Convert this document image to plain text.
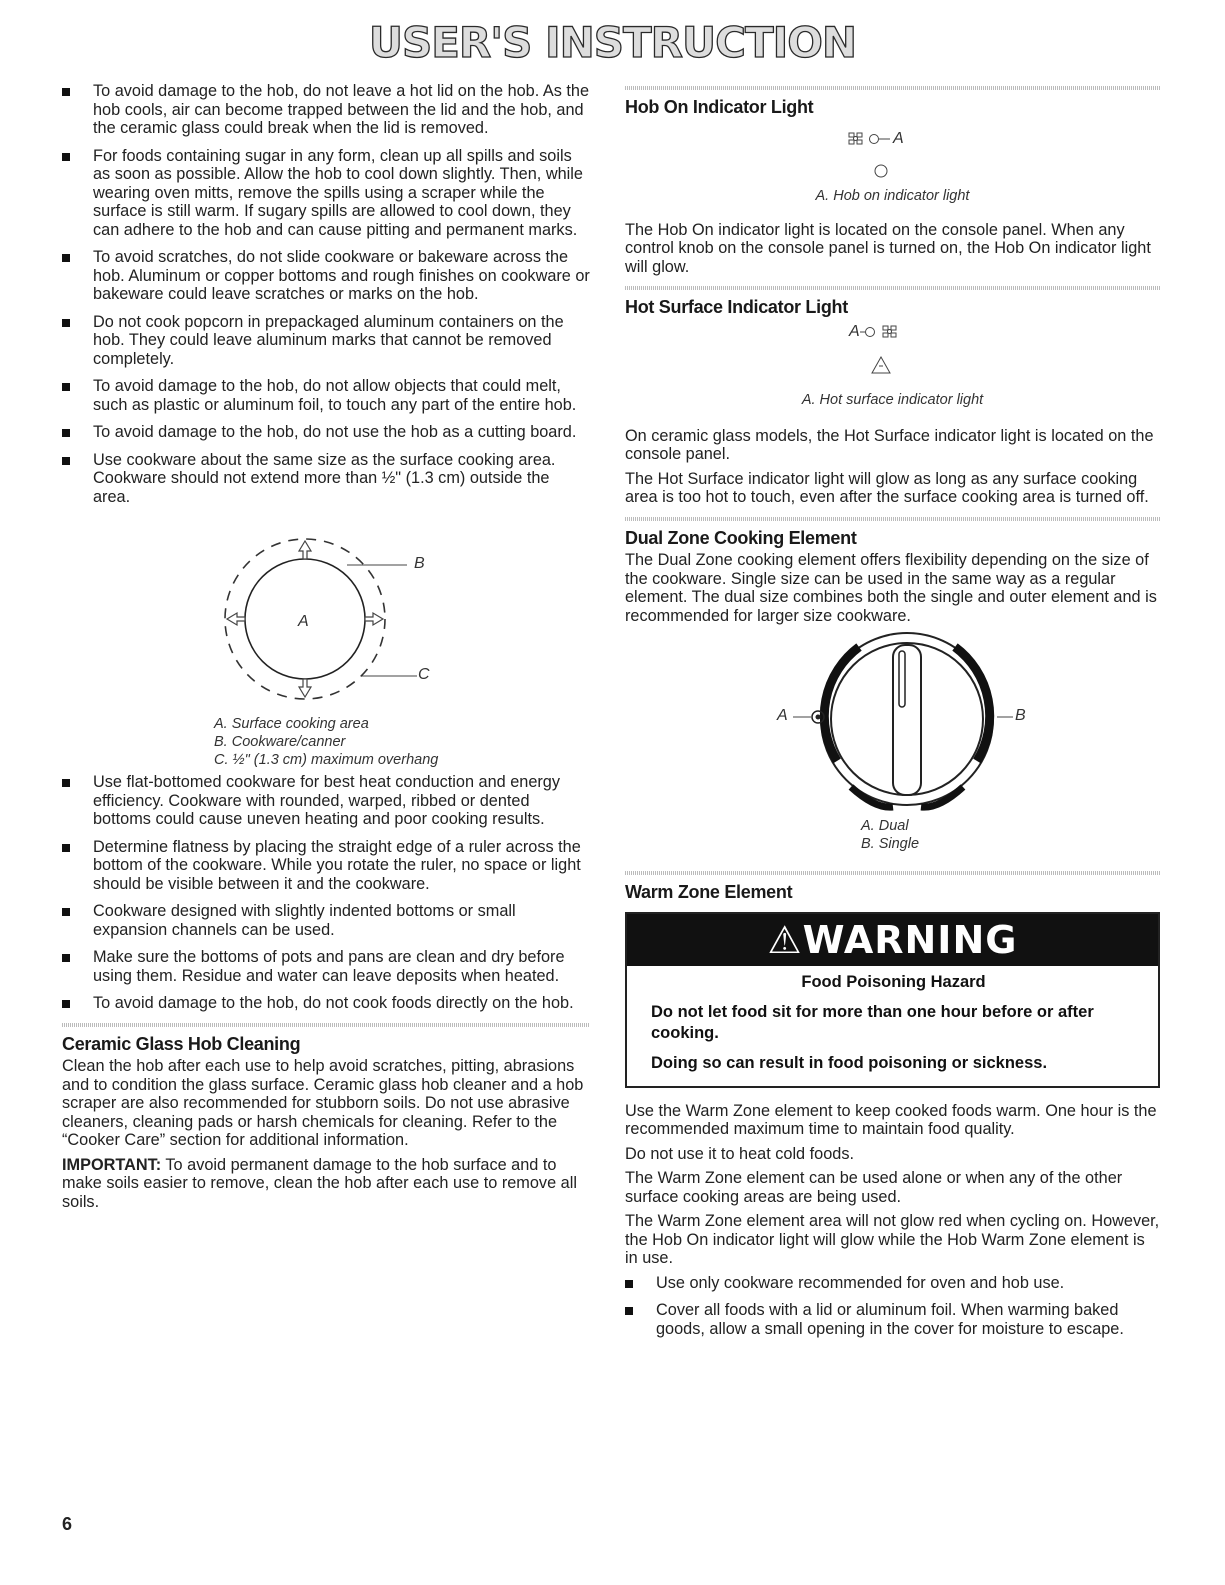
USER'S INSTRUCTION
To avoid damage to the hob, do not leave a hot lid on the hob. As the hob cools, air can become trapped between the lid and the hob, and the ceramic glass could break when the lid is removed.
For foods containing sugar in any form, clean up all spills and soils as soon as possible. Allow the hob to cool down slightly. Then, while wearing oven mitts, remove the spills using a scraper while the surface is still warm. If sugary spills are allowed to cool down, they can adhere to the hob and can cause pitting and permanent marks.
To avoid scratches, do not slide cookware or bakeware across the hob. Aluminum or copper bottoms and rough finishes on cookware or bakeware could leave scratches or marks on the hob.
Do not cook popcorn in prepackaged aluminum containers on the hob. They could leave aluminum marks that cannot be removed completely.
To avoid damage to the hob, do not allow objects that could melt, such as plastic or aluminum foil, to touch any part of the entire hob.
To avoid damage to the hob, do not use the hob as a cutting board.
Use cookware about the same size as the surface cooking area. Cookware should not extend more than ½" (1.3 cm) outside the area.
A
B
C
A. Surface cooking area
B. Cookware/canner
C. ½" (1.3 cm) maximum overhang
Use flat-bottomed cookware for best heat conduction and energy efficiency. Cookware with rounded, warped, ribbed or dented bottoms could cause uneven heating and poor cooking results.
Determine flatness by placing the straight edge of a ruler across the bottom of the cookware. While you rotate the ruler, no space or light should be visible between it and the cookware.
Cookware designed with slightly indented bottoms or small expansion channels can be used.
Make sure the bottoms of pots and pans are clean and dry before using them. Residue and water can leave deposits when heated.
To avoid damage to the hob, do not cook foods directly on the hob.
Ceramic Glass Hob Cleaning

Clean the hob after each use to help avoid scratches, pitting, abrasions and to condition the glass surface. Ceramic glass hob cleaner and a hob scraper are also recommended for stubborn soils. Do not use abrasive cleaners, cleaning pads or harsh chemicals for cleaning. Refer to the “Cooker Care” section for additional information.

IMPORTANT: To avoid permanent damage to the hob surface and to make soils easier to remove, clean the hob after each use to remove all soils.

Hob On Indicator Light
A
A. Hob on indicator light

The Hob On indicator light is located on the console panel. When any control knob on the console panel is turned on, the Hob On indicator light will glow.

Hot Surface Indicator Light
A
A. Hot surface indicator light

On ceramic glass models, the Hot Surface indicator light is located on the console panel.

The Hot Surface indicator light will glow as long as any surface cooking area is too hot to touch, even after the surface cooking area is turned off.

Dual Zone Cooking Element

The Dual Zone cooking element offers flexibility depending on the size of the cookware. Single size can be used in the same way as a regular element. The dual size combines both the single and outer element and is recommended for larger size cookware.

A	B
A. Dual
B. Single
Warm Zone Element
⚠WARNING
Food Poisoning Hazard

Do not let food sit for more than one hour before or after cooking.

Doing so can result in food poisoning or sickness.

Use the Warm Zone element to keep cooked foods warm. One hour is the recommended maximum time to maintain food quality.

Do not use it to heat cold foods.

The Warm Zone element can be used alone or when any of the other surface cooking areas are being used.

The Warm Zone element area will not glow red when cycling on. However, the Hob On indicator light will glow while the Hob Warm Zone element is in use.

Use only cookware recommended for oven and hob use.
Cover all foods with a lid or aluminum foil. When warming baked goods, allow a small opening in the cover for moisture to escape.
6
